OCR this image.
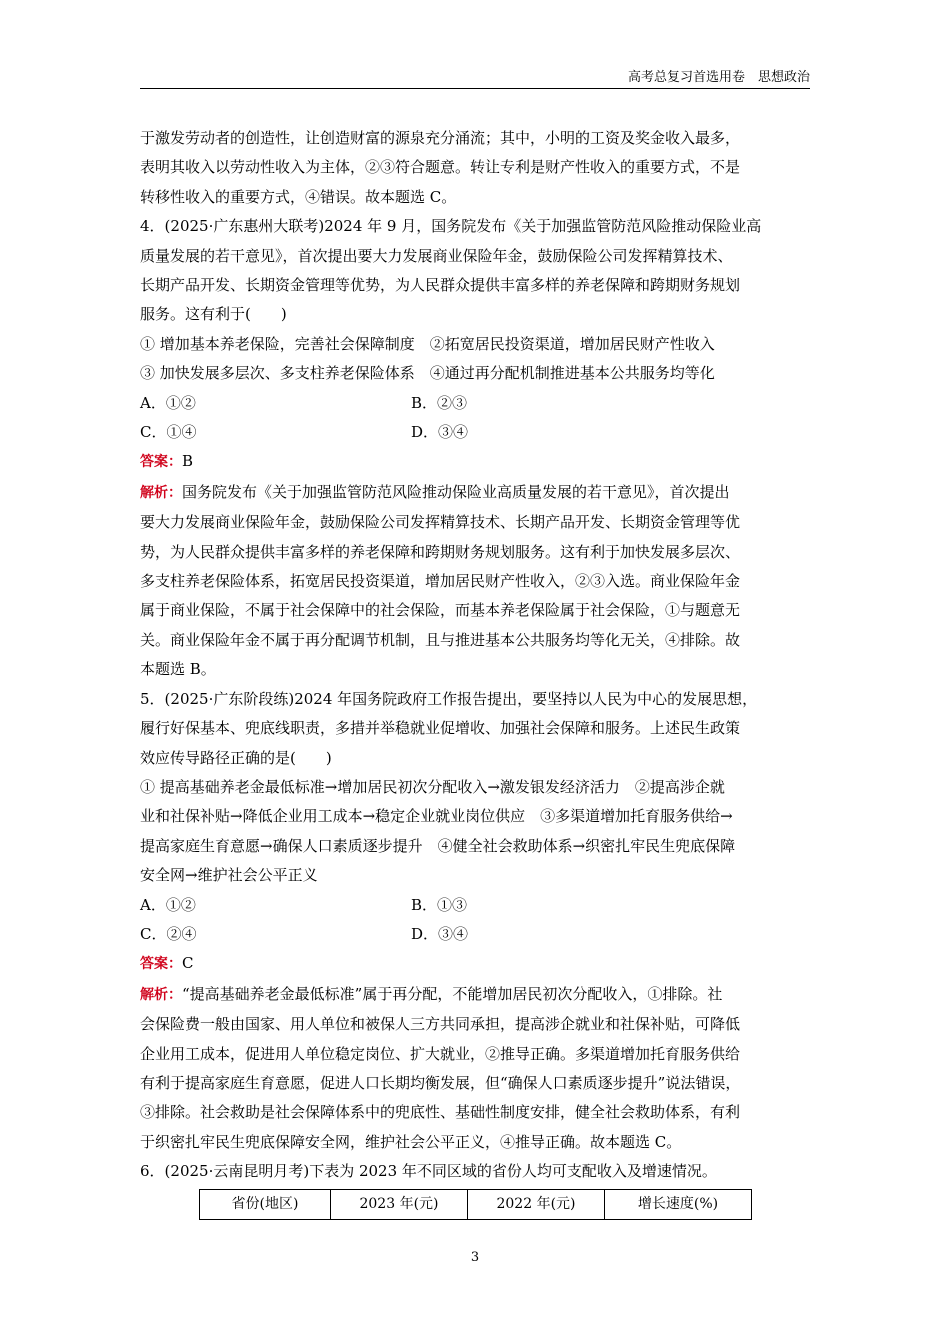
高考总复习首选用卷　思想政治
于激发劳动者的创造性，让创造财富的源泉充分涌流；其中，小明的工资及奖金收入最多，
表明其收入以劳动性收入为主体，②③符合题意。转让专利是财产性收入的重要方式，不是
转移性收入的重要方式，④错误。故本题选 C。
4．(2025·广东惠州大联考)2024 年 9 月，国务院发布《关于加强监管防范风险推动保险业高
质量发展的若干意见》，首次提出要大力发展商业保险年金，鼓励保险公司发挥精算技术、
长期产品开发、长期资金管理等优势，为人民群众提供丰富多样的养老保障和跨期财务规划
服务。这有利于(　　)
① 增加基本养老保险，完善社会保障制度　②拓宽居民投资渠道，增加居民财产性收入
③ 加快发展多层次、多支柱养老保险体系　④通过再分配机制推进基本公共服务均等化
A．①②	B．②③
C．①④	D．③④
答案：B
解析：国务院发布《关于加强监管防范风险推动保险业高质量发展的若干意见》，首次提出
要大力发展商业保险年金，鼓励保险公司发挥精算技术、长期产品开发、长期资金管理等优
势，为人民群众提供丰富多样的养老保障和跨期财务规划服务。这有利于加快发展多层次、
多支柱养老保险体系，拓宽居民投资渠道，增加居民财产性收入，②③入选。商业保险年金
属于商业保险，不属于社会保障中的社会保险，而基本养老保险属于社会保险，①与题意无
关。商业保险年金不属于再分配调节机制，且与推进基本公共服务均等化无关，④排除。故
本题选 B。
5．(2025·广东阶段练)2024 年国务院政府工作报告提出，要坚持以人民为中心的发展思想，
履行好保基本、兜底线职责，多措并举稳就业促增收、加强社会保障和服务。上述民生政策
效应传导路径正确的是(　　)
① 提高基础养老金最低标准→增加居民初次分配收入→激发银发经济活力　②提高涉企就
业和社保补贴→降低企业用工成本→稳定企业就业岗位供应　③多渠道增加托育服务供给→
提高家庭生育意愿→确保人口素质逐步提升　④健全社会救助体系→织密扎牢民生兜底保障
安全网→维护社会公平正义
A．①②	B．①③
C．②④	D．③④
答案：C
解析：“提高基础养老金最低标准”属于再分配，不能增加居民初次分配收入，①排除。社
会保险费一般由国家、用人单位和被保人三方共同承担，提高涉企就业和社保补贴，可降低
企业用工成本，促进用人单位稳定岗位、扩大就业，②推导正确。多渠道增加托育服务供给
有利于提高家庭生育意愿，促进人口长期均衡发展，但“确保人口素质逐步提升”说法错误，
③排除。社会救助是社会保障体系中的兜底性、基础性制度安排，健全社会救助体系，有利
于织密扎牢民生兜底保障安全网，维护社会公平正义，④推导正确。故本题选 C。
6．(2025·云南昆明月考)下表为 2023 年不同区域的省份人均可支配收入及增速情况。
省份(地区)	2023 年(元)	2022 年(元)	增长速度(%)
3
